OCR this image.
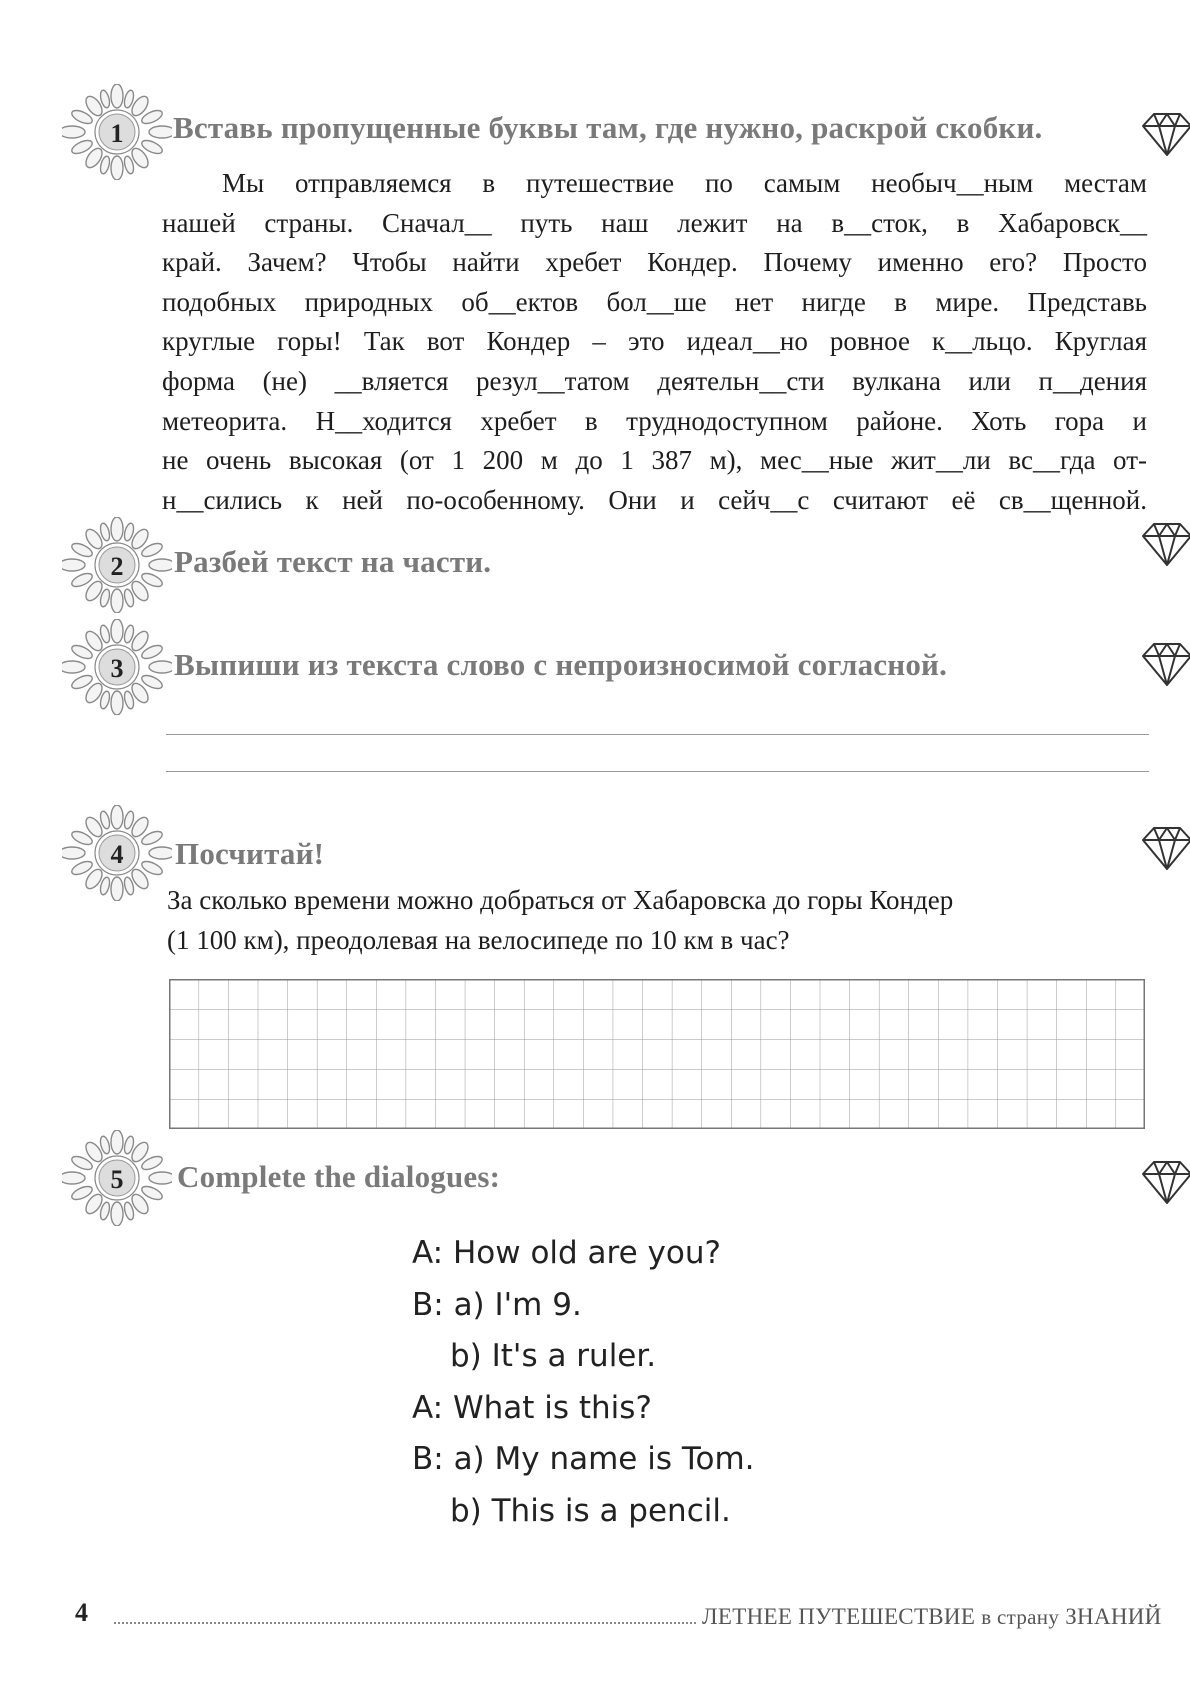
1 Вставь пропущенные буквы там, где нужно, раскрой скобки.
Мы отправляемся в путешествие по самым необыч__ным местам
нашей страны. Сначал__ путь наш лежит на в__сток, в Хабаровск__
край. Зачем? Чтобы найти хребет Кондер. Почему именно его? Просто
подобных природных об__ектов бол__ше нет нигде в мире. Представь
круглые горы! Так вот Кондер – это идеал__но ровное к__льцо. Круглая
форма (не) __вляется резул__татом деятельн__сти вулкана или п__дения
метеорита. Н__ходится хребет в труднодоступном районе. Хоть гора и
не очень высокая (от 1 200 м до 1 387 м), мес__ные жит__ли вс__гда от-
н__сились к ней по-особенному. Они и сейч__с считают её св__щенной.
2 Разбей текст на части.
3 Выпиши из текста слово с непроизносимой согласной.
4 Посчитай!
За сколько времени можно добраться от Хабаровска до горы Кондер
(1 100 км), преодолевая на велосипеде по 10 км в час?
5 Complete the dialogues:
A: How old are you?
B: a) I'm 9.
b) It's a ruler.
A: What is this?
B: a) My name is Tom.
b) This is a pencil.
4	ЛЕТНЕЕ ПУТЕШЕСТВИЕ в страну ЗНАНИЙ
